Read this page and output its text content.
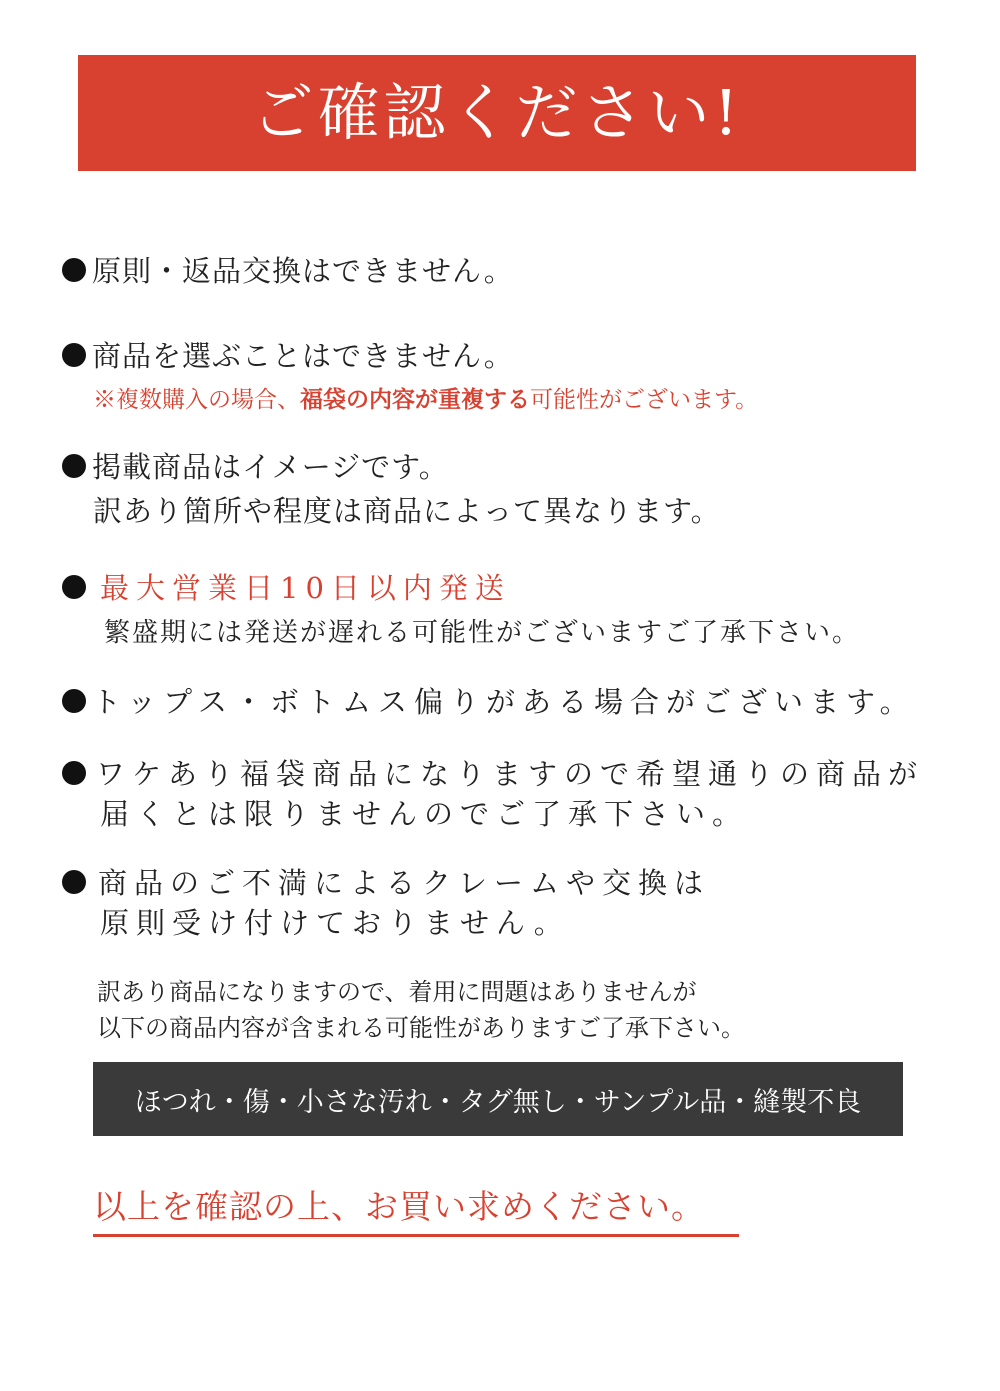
ご確認ください!
原則・返品交換はできません。
商品を選ぶことはできません。
※複数購入の場合、福袋の内容が重複する可能性がございます。
掲載商品はイメージです。
訳あり箇所や程度は商品によって異なります。
最大営業日10日以内発送
繁盛期には発送が遅れる可能性がございますご了承下さい。
トップス・ボトムス偏りがある場合がございます。
ワケあり福袋商品になりますので希望通りの商品が
届くとは限りませんのでご了承下さい。
商品のご不満によるクレームや交換は
原則受け付けておりません。
訳あり商品になりますので、着用に問題はありませんが
以下の商品内容が含まれる可能性がありますご了承下さい。
ほつれ・傷・小さな汚れ・タグ無し・サンプル品・縫製不良
以上を確認の上、お買い求めください。
